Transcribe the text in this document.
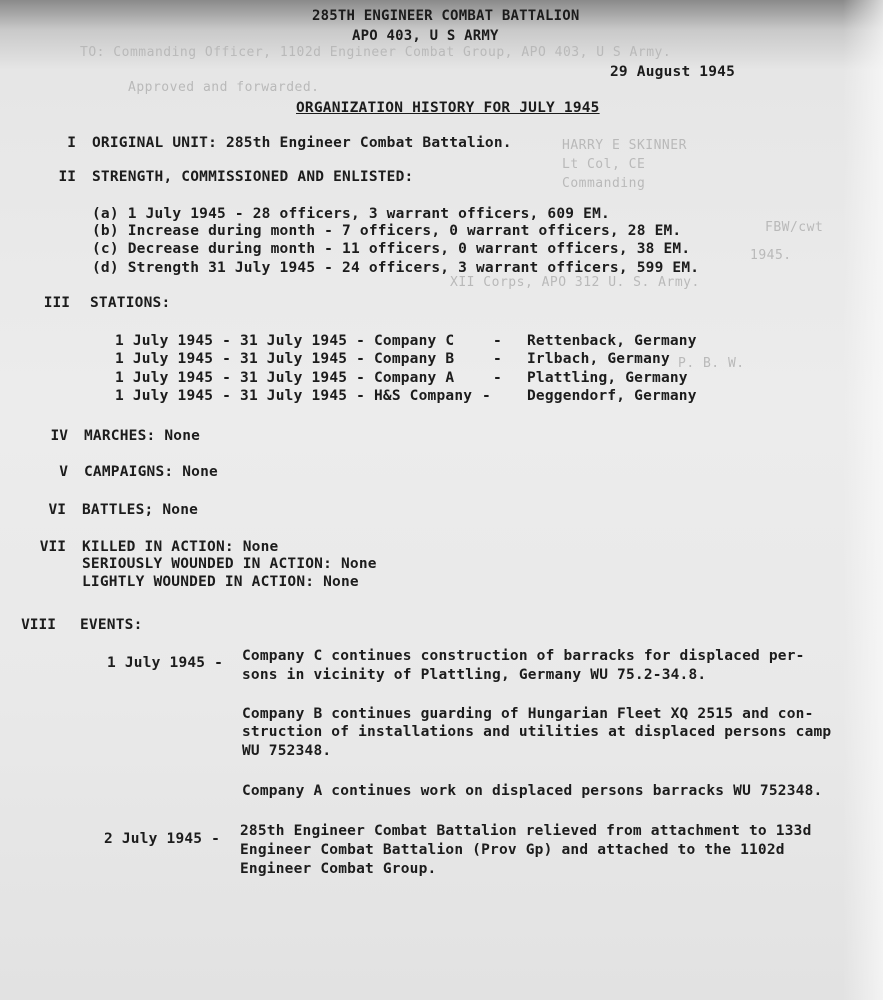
TO: Commanding Officer, 1102d Engineer Combat Group, APO 403, U S Army.
Approved and forwarded.
HARRY E SKINNER
Lt Col, CE
Commanding
FBW/cwt
1945.
XII Corps, APO 312 U. S. Army.
P. B. W.
285TH ENGINEER COMBAT BATTALION
APO 403, U S ARMY
29 August 1945
ORGANIZATION HISTORY FOR JULY 1945
I ORIGINAL UNIT: 285th Engineer Combat Battalion.
II STRENGTH, COMMISSIONED AND ENLISTED:
(a) 1 July 1945 - 28 officers, 3 warrant officers, 609 EM.
(b) Increase during month - 7 officers, 0 warrant officers, 28 EM.
(c) Decrease during month - 11 officers, 0 warrant officers, 38 EM.
(d) Strength 31 July 1945 - 24 officers, 3 warrant officers, 599 EM.
III STATIONS:
1 July 1945 - 31 July 1945 - Company C	- Rettenback, Germany
1 July 1945 - 31 July 1945 - Company B	- Irlbach, Germany
1 July 1945 - 31 July 1945 - Company A	- Plattling, Germany
1 July 1945 - 31 July 1945 - H&S Company - Deggendorf, Germany
IV MARCHES: None
V CAMPAIGNS: None
VI BATTLES; None
VII KILLED IN ACTION: None
SERIOUSLY WOUNDED IN ACTION: None
LIGHTLY WOUNDED IN ACTION: None
VIII EVENTS:
1 July 1945 - Company C continues construction of barracks for displaced per-
sons in vicinity of Plattling, Germany WU 75.2-34.8.
Company B continues guarding of Hungarian Fleet XQ 2515 and con-
struction of installations and utilities at displaced persons camp
WU 752348.
Company A continues work on displaced persons barracks WU 752348.
2 July 1945 - 285th Engineer Combat Battalion relieved from attachment to 133d
Engineer Combat Battalion (Prov Gp) and attached to the 1102d
Engineer Combat Group.
